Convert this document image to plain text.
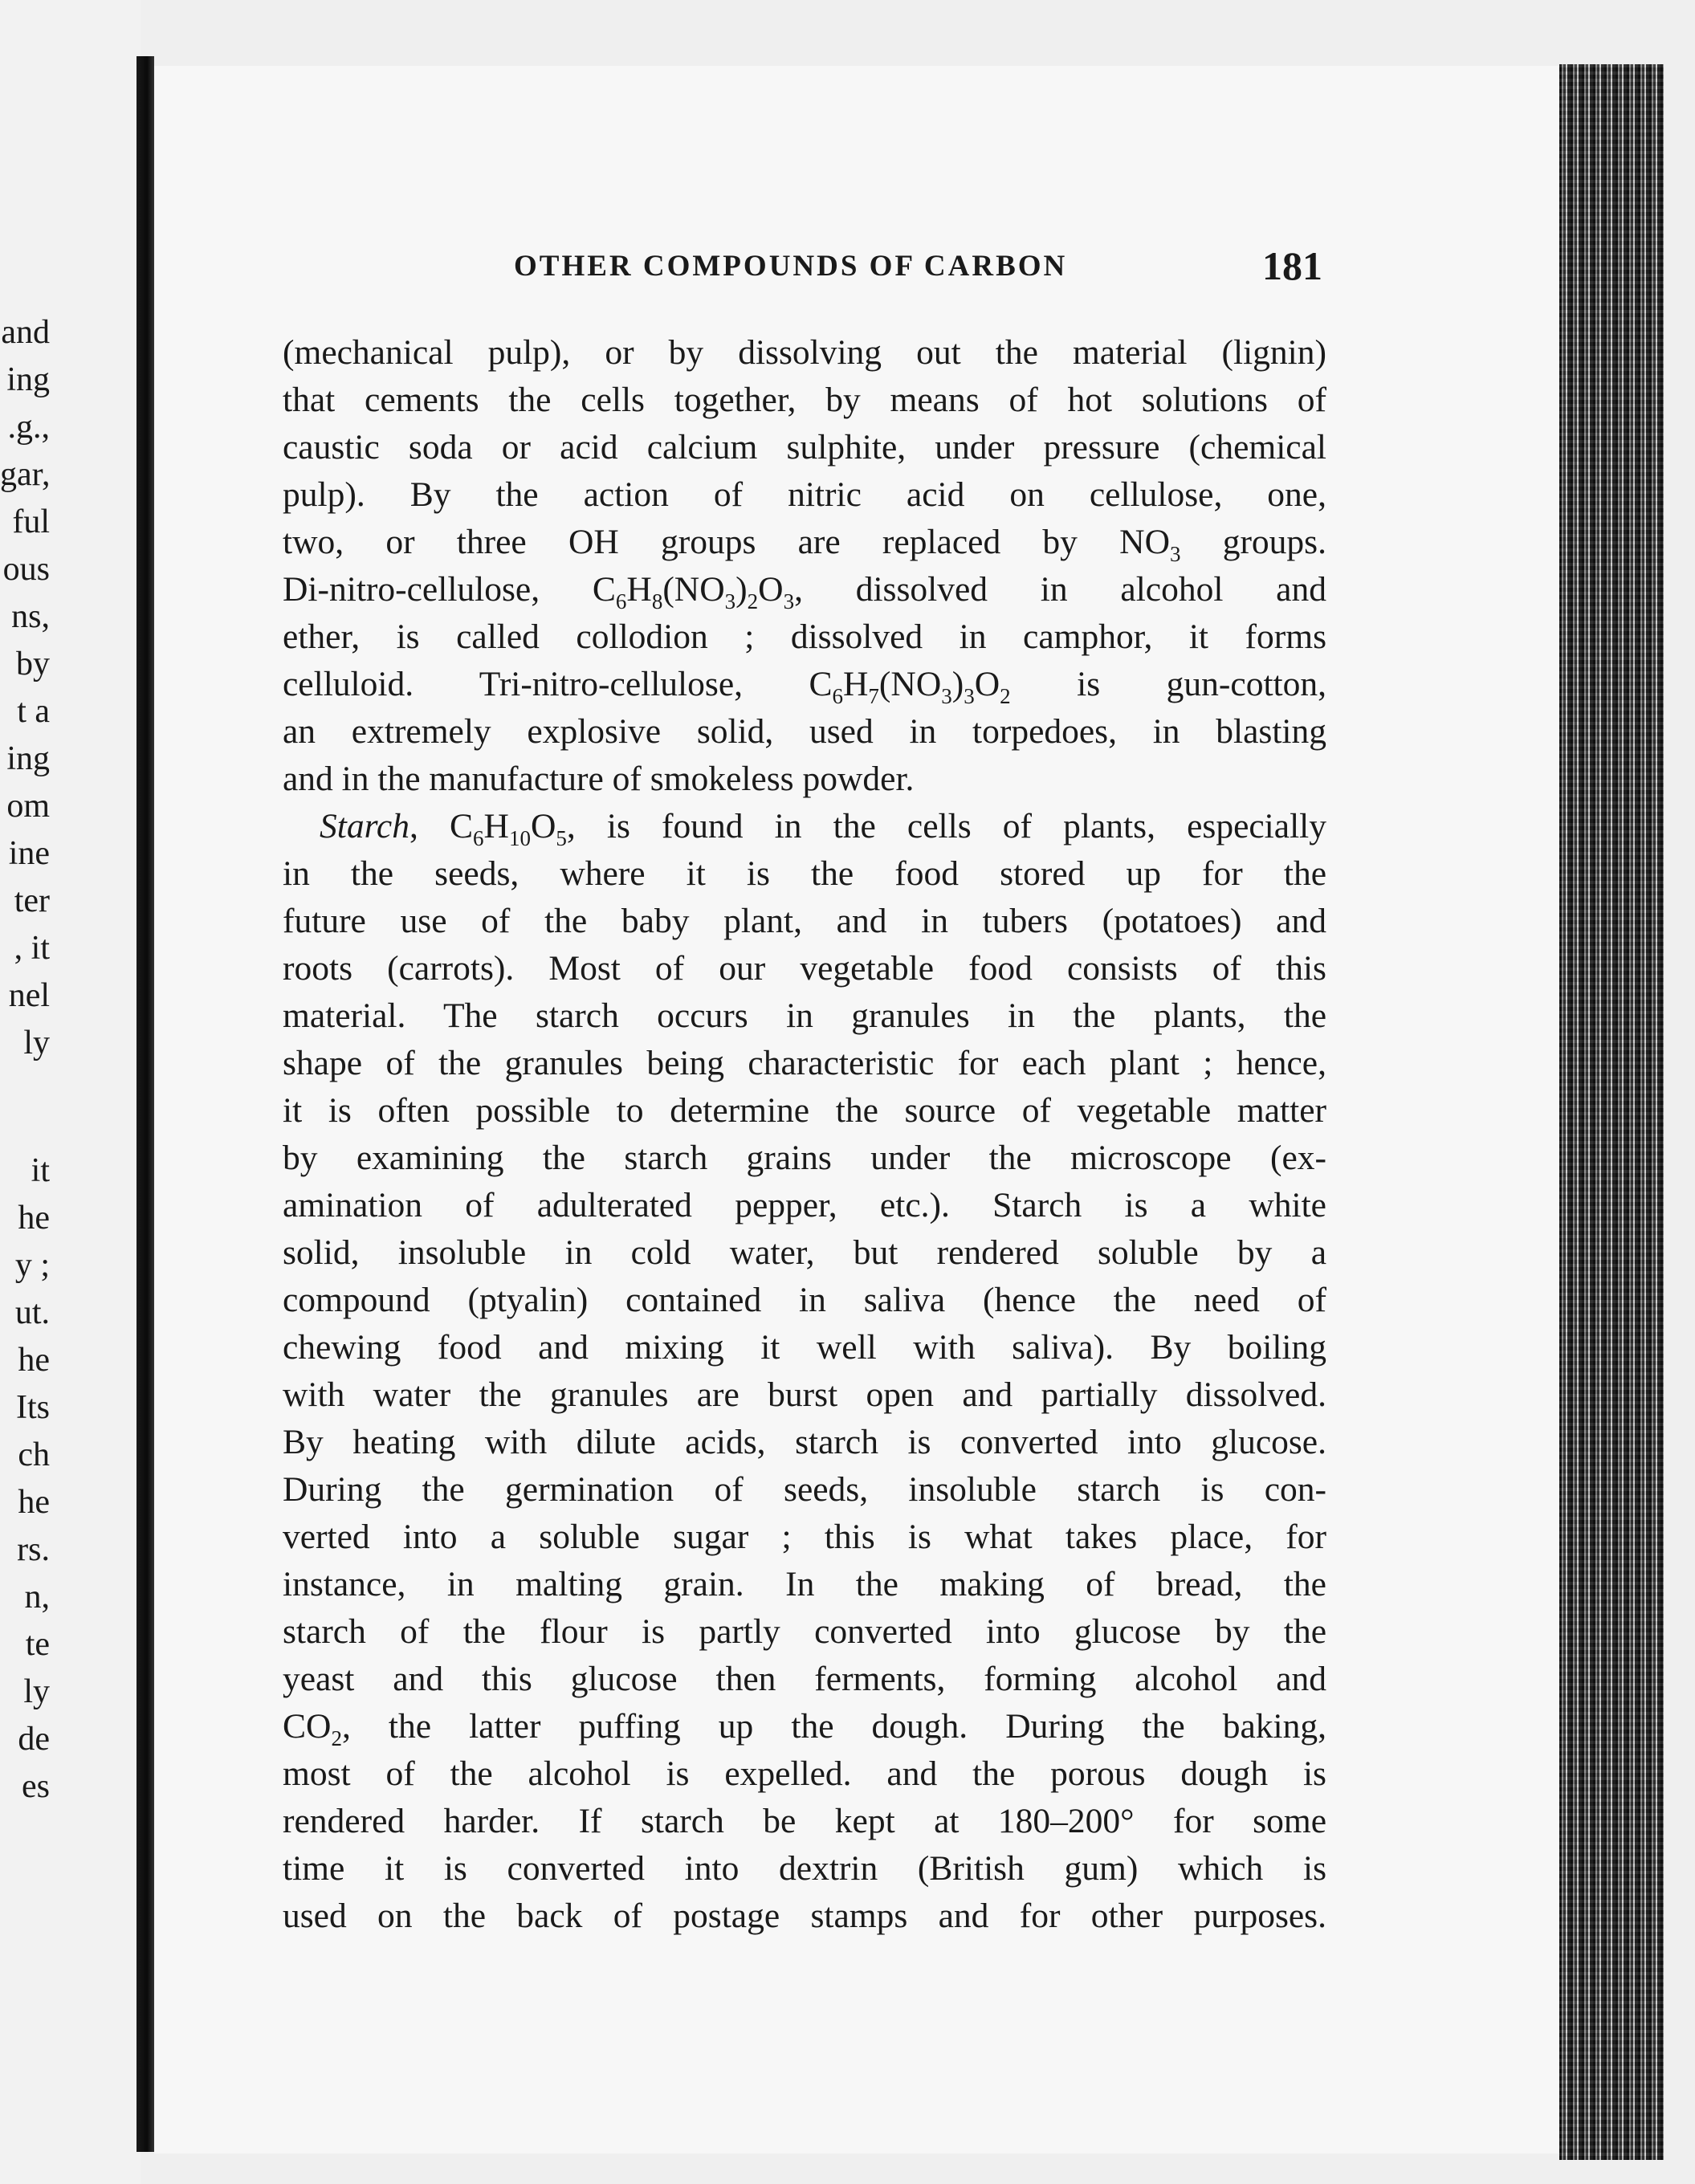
and
ing
.g.,
gar,
ful
ous
ns,
by
t a
ing
om
ine
ter
, it
nel
ly
it
he
y ;
ut.
he
Its
ch
he
rs.
n,
te
ly
de
es
OTHER COMPOUNDS OF CARBON	181
(mechanical pulp), or by dissolving out the material (lignin)
that cements the cells together, by means of hot solutions of
caustic soda or acid calcium sulphite, under pressure (chemical
pulp). By the action of nitric acid on cellulose, one,
two, or three OH groups are replaced by $NO_3$ groups.
Di-nitro-cellulose, $C_6H_8(NO_3)_2O_3$, dissolved in alcohol and
ether, is called collodion ; dissolved in camphor, it forms
celluloid. Tri-nitro-cellulose, $C_6H_7(NO_3)_3O_2$ is gun-cotton,
an extremely explosive solid, used in torpedoes, in blasting
and in the manufacture of smokeless powder.
Starch, $C_6H_{10}O_5$, is found in the cells of plants, especially
in the seeds, where it is the food stored up for the
future use of the baby plant, and in tubers (potatoes) and
roots (carrots). Most of our vegetable food consists of this
material. The starch occurs in granules in the plants, the
shape of the granules being characteristic for each plant ; hence,
it is often possible to determine the source of vegetable matter
by examining the starch grains under the microscope (ex-
amination of adulterated pepper, etc.). Starch is a white
solid, insoluble in cold water, but rendered soluble by a
compound (ptyalin) contained in saliva (hence the need of
chewing food and mixing it well with saliva). By boiling
with water the granules are burst open and partially dissolved.
By heating with dilute acids, starch is converted into glucose.
During the germination of seeds, insoluble starch is con-
verted into a soluble sugar ; this is what takes place, for
instance, in malting grain. In the making of bread, the
starch of the flour is partly converted into glucose by the
yeast and this glucose then ferments, forming alcohol and
$CO_2$, the latter puffing up the dough. During the baking,
most of the alcohol is expelled. and the porous dough is
rendered harder. If starch be kept at 180–200° for some
time it is converted into dextrin (British gum) which is
used on the back of postage stamps and for other purposes.
